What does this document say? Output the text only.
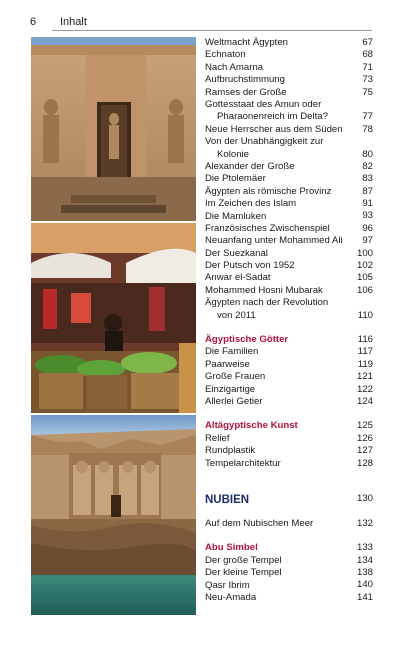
6 Inhalt
Weltmacht Ägypten	67
Echnaton	68
Nach Amarna	71
Aufbruchstimmung	73
Ramses der Große	75
Gottesstaat des Amun oder
Pharaonenreich im Delta?	77
Neue Herrscher aus dem Süden	78
Von der Unabhängigkeit zur
Kolonie	80
Alexander der Große	82
Die Ptolemäer	83
Ägypten als römische Provinz	87
Im Zeichen des Islam	91
Die Mamluken	93
Französisches Zwischenspiel	96
Neuanfang unter Mohammed Ali	97
Der Suezkanal	100
Der Putsch von 1952	102
Anwar el-Sadat	105
Mohammed Hosni Mubarak	106
Ägypten nach der Revolution
von 2011	110
Ägyptische Götter	116
Die Familien	117
Paarweise	119
Große Frauen	121
Einzigartige	122
Allerlei Getier	124
Altägyptische Kunst	125
Relief	126
Rundplastik	127
Tempelarchitektur	128
NUBIEN	130
Auf dem Nubischen Meer	132
Abu Simbel	133
Der große Tempel	134
Der kleine Tempel	138
Qasr Ibrim	140
Neu-Amada	141
